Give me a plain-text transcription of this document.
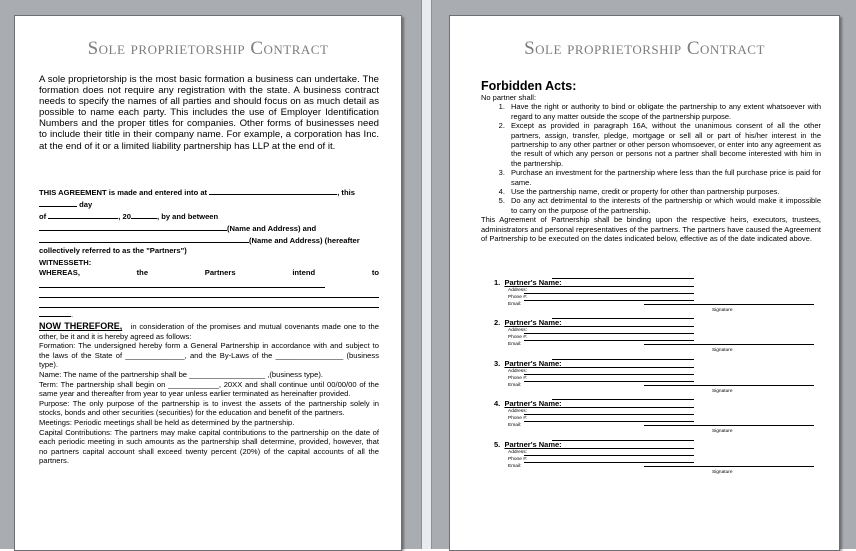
Sole proprietorship Contract
A sole proprietorship is the most basic formation a business can undertake. The formation does not require any registration with the state. A business contract needs to specify the names of all parties and should focus on as much detail as possible to name each party. This includes the use of Employer Identification Numbers and the proper titles for companies. Other forms of businesses need to include their title in their company name. For example, a corporation has Inc. at the end of it or a limited liability partnership has LLP at the end of it.
THIS AGREEMENT is made and entered into at	, this
day
of	, 20	, by and between
(Name and Address) and
(Name and Address) (hereafter
collectively referred to as the "Partners")
WITNESSETH:
WHEREAS,	the	Partners	intend	to
.

NOW THEREFORE, in consideration of the promises and mutual covenants made one to the other, be it and it is hereby agreed as follows:

Formation: The undersigned hereby form a General Partnership in accordance with and subject to the laws of the State of ______________, and the By-Laws of the ________________ (business type).

Name: The name of the partnership shall be __________________ ,(business type).

Term: The partnership shall begin on ____________, 20XX and shall continue until 00/00/00 of the same year and thereafter from year to year unless earlier terminated as hereinafter provided.

Purpose: The only purpose of the partnership is to invest the assets of the partnership solely in stocks, bonds and other securities (securities) for the education and benefit of the partners.

Meetings: Periodic meetings shall be held as determined by the partnership.

Capital Contributions: The partners may make capital contributions to the partnership on the date of each periodic meeting in such amounts as the partnership shall determine, provided, however, that no partners capital account shall exceed twenty percent (20%) of the capital accounts of all the partners.

Sole proprietorship Contract
Forbidden Acts:
No partner shall:
1. Have the right or authority to bind or obligate the partnership to any extent whatsoever with regard to any matter outside the scope of the partnership purpose.
2. Except as provided in paragraph 16A, without the unanimous consent of all the other partners, assign, transfer, pledge, mortgage or sell all or part of his/her interest in the partnership to any other partner or other person whomsoever, or enter into any agreement as the result of which any person or persons not a partner shall become interested with him in the partnership.
3. Purchase an investment for the partnership where less than the full purchase price is paid for same.
4. Use the partnership name, credit or property for other than partnership purposes.
5. Do any act detrimental to the interests of the partnership or which would make it impossible to carry on the purpose of the partnership.
This Agreement of Partnership shall be binding upon the respective heirs, executors, trustees, administrators and personal representatives of the partners. The partners have caused the Agreement of Partnership to be executed on the dates indicated below, effective as of the date indicated above.
1. Partner's Name:
Address:
Phone #:
Email:
Signature
2. Partner's Name:
Address:
Phone #:
Email:
Signature
3. Partner's Name:
Address:
Phone #:
Email:
Signature
4. Partner's Name:
Address:
Phone #:
Email:
Signature
5. Partner's Name:
Address:
Phone #:
Email:
Signature
